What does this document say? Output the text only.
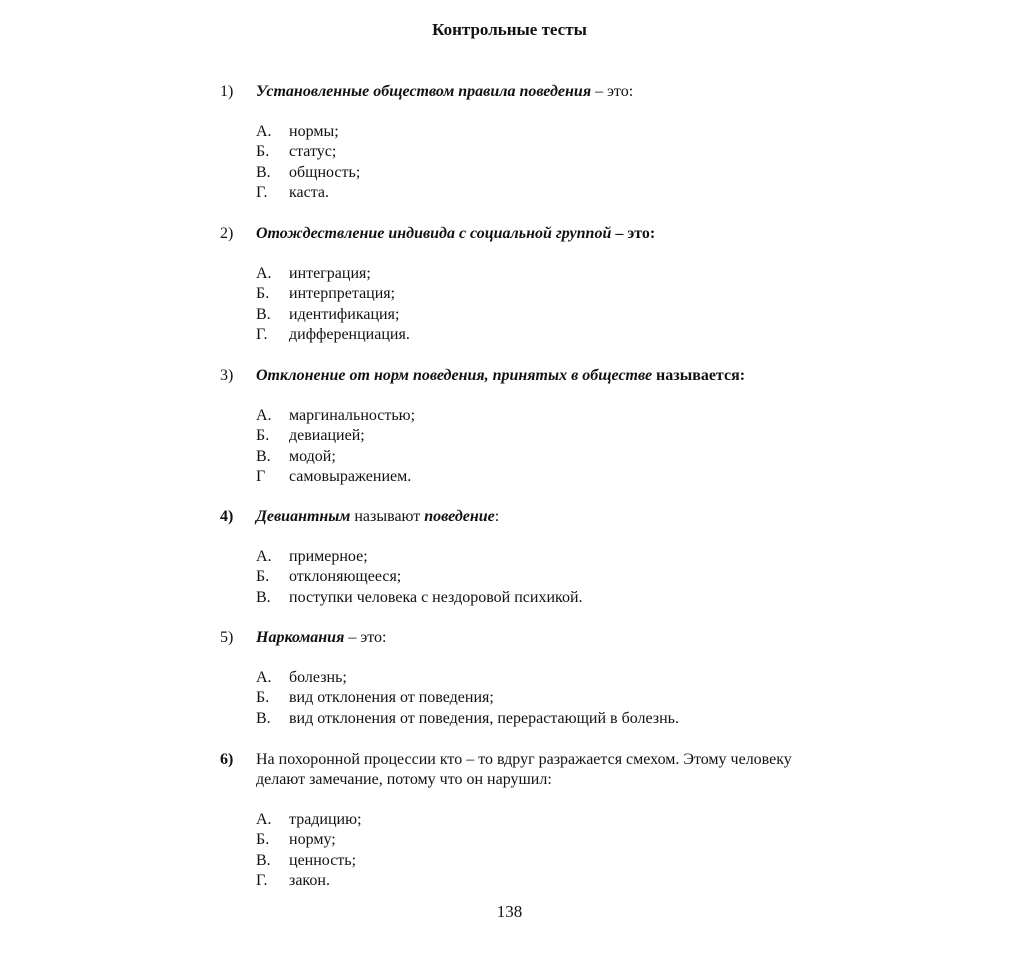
Контрольные тесты
1) Установленные обществом правила поведения – это:
А. нормы;
Б. статус;
В. общность;
Г. каста.
2) Отождествление индивида с социальной группой – это:
А. интеграция;
Б. интерпретация;
В. идентификация;
Г. дифференциация.
3) Отклонение от норм поведения, принятых в обществе называется:
А. маргинальностью;
Б. девиацией;
В. модой;
Г самовыражением.
4) Девиантным называют поведение:
А. примерное;
Б. отклоняющееся;
В. поступки человека с нездоровой психикой.
5) Наркомания – это:
А. болезнь;
Б. вид отклонения от поведения;
В. вид отклонения от поведения, перерастающий в болезнь.
6) На похоронной процессии кто – то вдруг разражается смехом. Этому человеку делают замечание, потому что он нарушил:
А. традицию;
Б. норму;
В. ценность;
Г. закон.
138
